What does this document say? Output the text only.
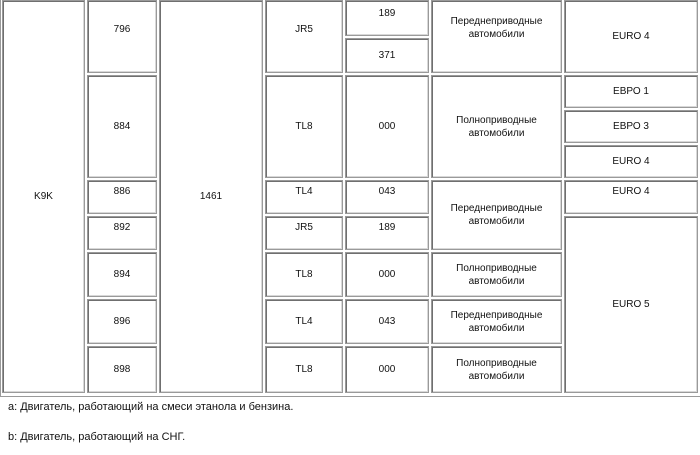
K9K
796
884
886
892
894
896
898
1461
JR5
TL8
TL4
JR5
TL8
TL4
TL8
189
371
000
043
189
000
043
000
Переднеприводные автомобили
Полноприводные автомобили
Переднеприводные автомобили
Полноприводные автомобили
Переднеприводные автомобили
Полноприводные автомобили
EURO 4
ЕВРО 1
ЕВРО 3
EURO 4
EURO 4
EURO 5
a: Двигатель, работающий на смеси этанола и бензина.
b: Двигатель, работающий на СНГ.
